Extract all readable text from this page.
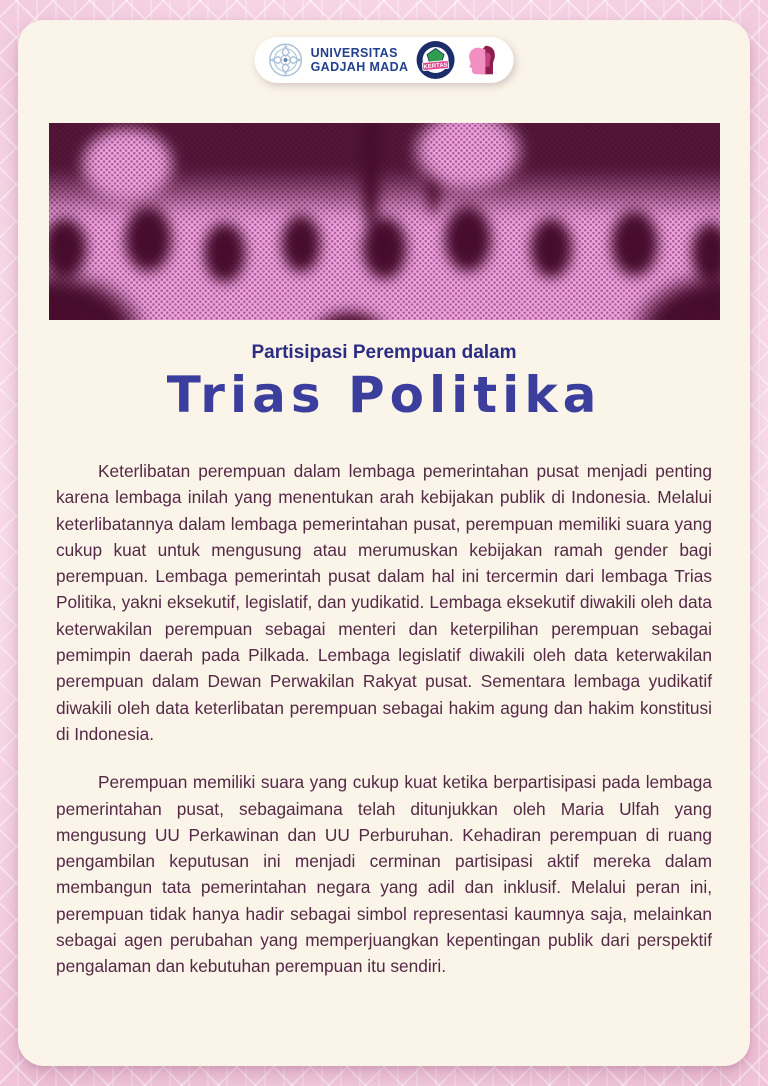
UNIVERSITAS
GADJAH MADA KERTAS
Partisipasi Perempuan dalam
Trias Politika

Keterlibatan perempuan dalam lembaga pemerintahan pusat menjadi penting karena lembaga inilah yang menentukan arah kebijakan publik di Indonesia. Melalui keterlibatannya dalam lembaga pemerintahan pusat, perempuan memiliki suara yang cukup kuat untuk mengusung atau merumuskan kebijakan ramah gender bagi perempuan. Lembaga pemerintah pusat dalam hal ini tercermin dari lembaga Trias Politika, yakni eksekutif, legislatif, dan yudikatid. Lembaga eksekutif diwakili oleh data keterwakilan perempuan sebagai menteri dan keterpilihan perempuan sebagai pemimpin daerah pada Pilkada. Lembaga legislatif diwakili oleh data keterwakilan perempuan dalam Dewan Perwakilan Rakyat pusat. Sementara lembaga yudikatif diwakili oleh data keterlibatan perempuan sebagai hakim agung dan hakim konstitusi di Indonesia.

Perempuan memiliki suara yang cukup kuat ketika berpartisipasi pada lembaga pemerintahan pusat, sebagaimana telah ditunjukkan oleh Maria Ulfah yang mengusung UU Perkawinan dan UU Perburuhan. Kehadiran perempuan di ruang pengambilan keputusan ini menjadi cerminan partisipasi aktif mereka dalam membangun tata pemerintahan negara yang adil dan inklusif. Melalui peran ini, perempuan tidak hanya hadir sebagai simbol representasi kaumnya saja, melainkan sebagai agen perubahan yang memperjuangkan kepentingan publik dari perspektif pengalaman dan kebutuhan perempuan itu sendiri.
